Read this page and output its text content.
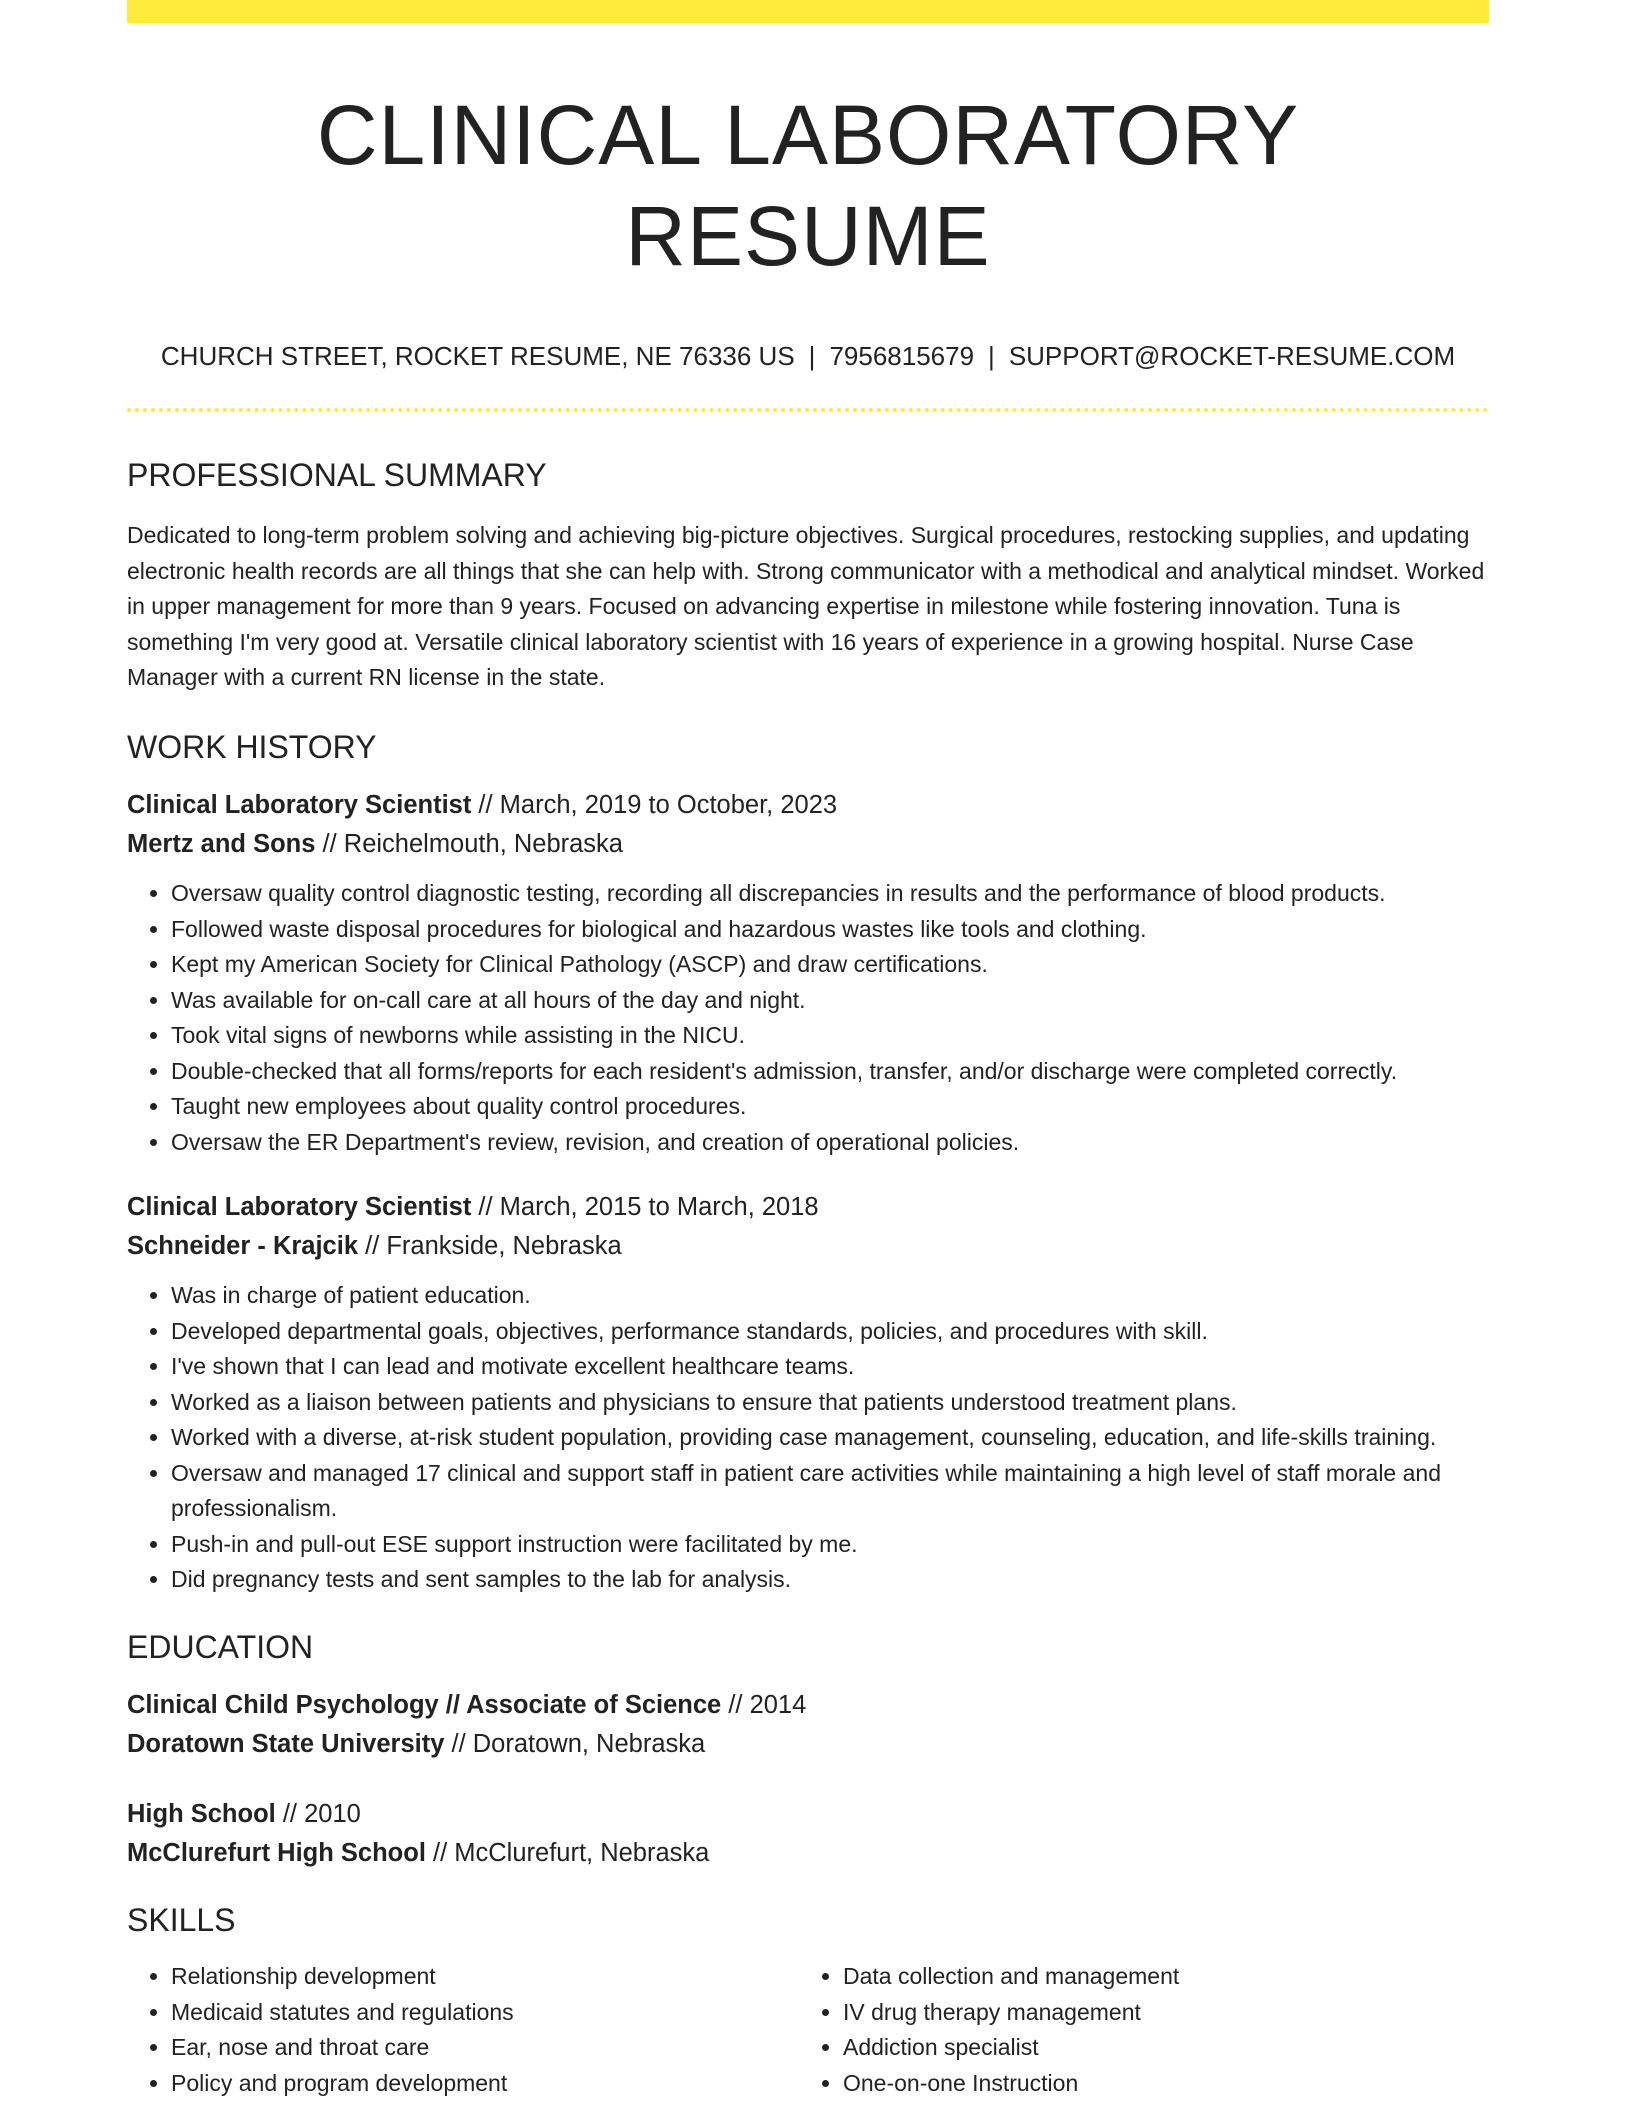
CLINICAL LABORATORY RESUME
CHURCH STREET, ROCKET RESUME, NE 76336 US | 7956815679 | SUPPORT@ROCKET-RESUME.COM
PROFESSIONAL SUMMARY
Dedicated to long-term problem solving and achieving big-picture objectives. Surgical procedures, restocking supplies, and updating electronic health records are all things that she can help with. Strong communicator with a methodical and analytical mindset. Worked in upper management for more than 9 years. Focused on advancing expertise in milestone while fostering innovation. Tuna is something I'm very good at. Versatile clinical laboratory scientist with 16 years of experience in a growing hospital. Nurse Case Manager with a current RN license in the state.
WORK HISTORY
Clinical Laboratory Scientist // March, 2019 to October, 2023
Mertz and Sons // Reichelmouth, Nebraska
• Oversaw quality control diagnostic testing, recording all discrepancies in results and the performance of blood products.
• Followed waste disposal procedures for biological and hazardous wastes like tools and clothing.
• Kept my American Society for Clinical Pathology (ASCP) and draw certifications.
• Was available for on-call care at all hours of the day and night.
• Took vital signs of newborns while assisting in the NICU.
• Double-checked that all forms/reports for each resident's admission, transfer, and/or discharge were completed correctly.
• Taught new employees about quality control procedures.
• Oversaw the ER Department's review, revision, and creation of operational policies.
Clinical Laboratory Scientist // March, 2015 to March, 2018
Schneider - Krajcik // Frankside, Nebraska
• Was in charge of patient education.
• Developed departmental goals, objectives, performance standards, policies, and procedures with skill.
• I've shown that I can lead and motivate excellent healthcare teams.
• Worked as a liaison between patients and physicians to ensure that patients understood treatment plans.
• Worked with a diverse, at-risk student population, providing case management, counseling, education, and life-skills training.
• Oversaw and managed 17 clinical and support staff in patient care activities while maintaining a high level of staff morale and professionalism.
• Push-in and pull-out ESE support instruction were facilitated by me.
• Did pregnancy tests and sent samples to the lab for analysis.
EDUCATION
Clinical Child Psychology // Associate of Science // 2014
Doratown State University // Doratown, Nebraska
High School // 2010
McClurefurt High School // McClurefurt, Nebraska
SKILLS
• Relationship development
• Medicaid statutes and regulations
• Ear, nose and throat care
• Policy and program development
• Data collection and management
• IV drug therapy management
• Addiction specialist
• One-on-one Instruction
